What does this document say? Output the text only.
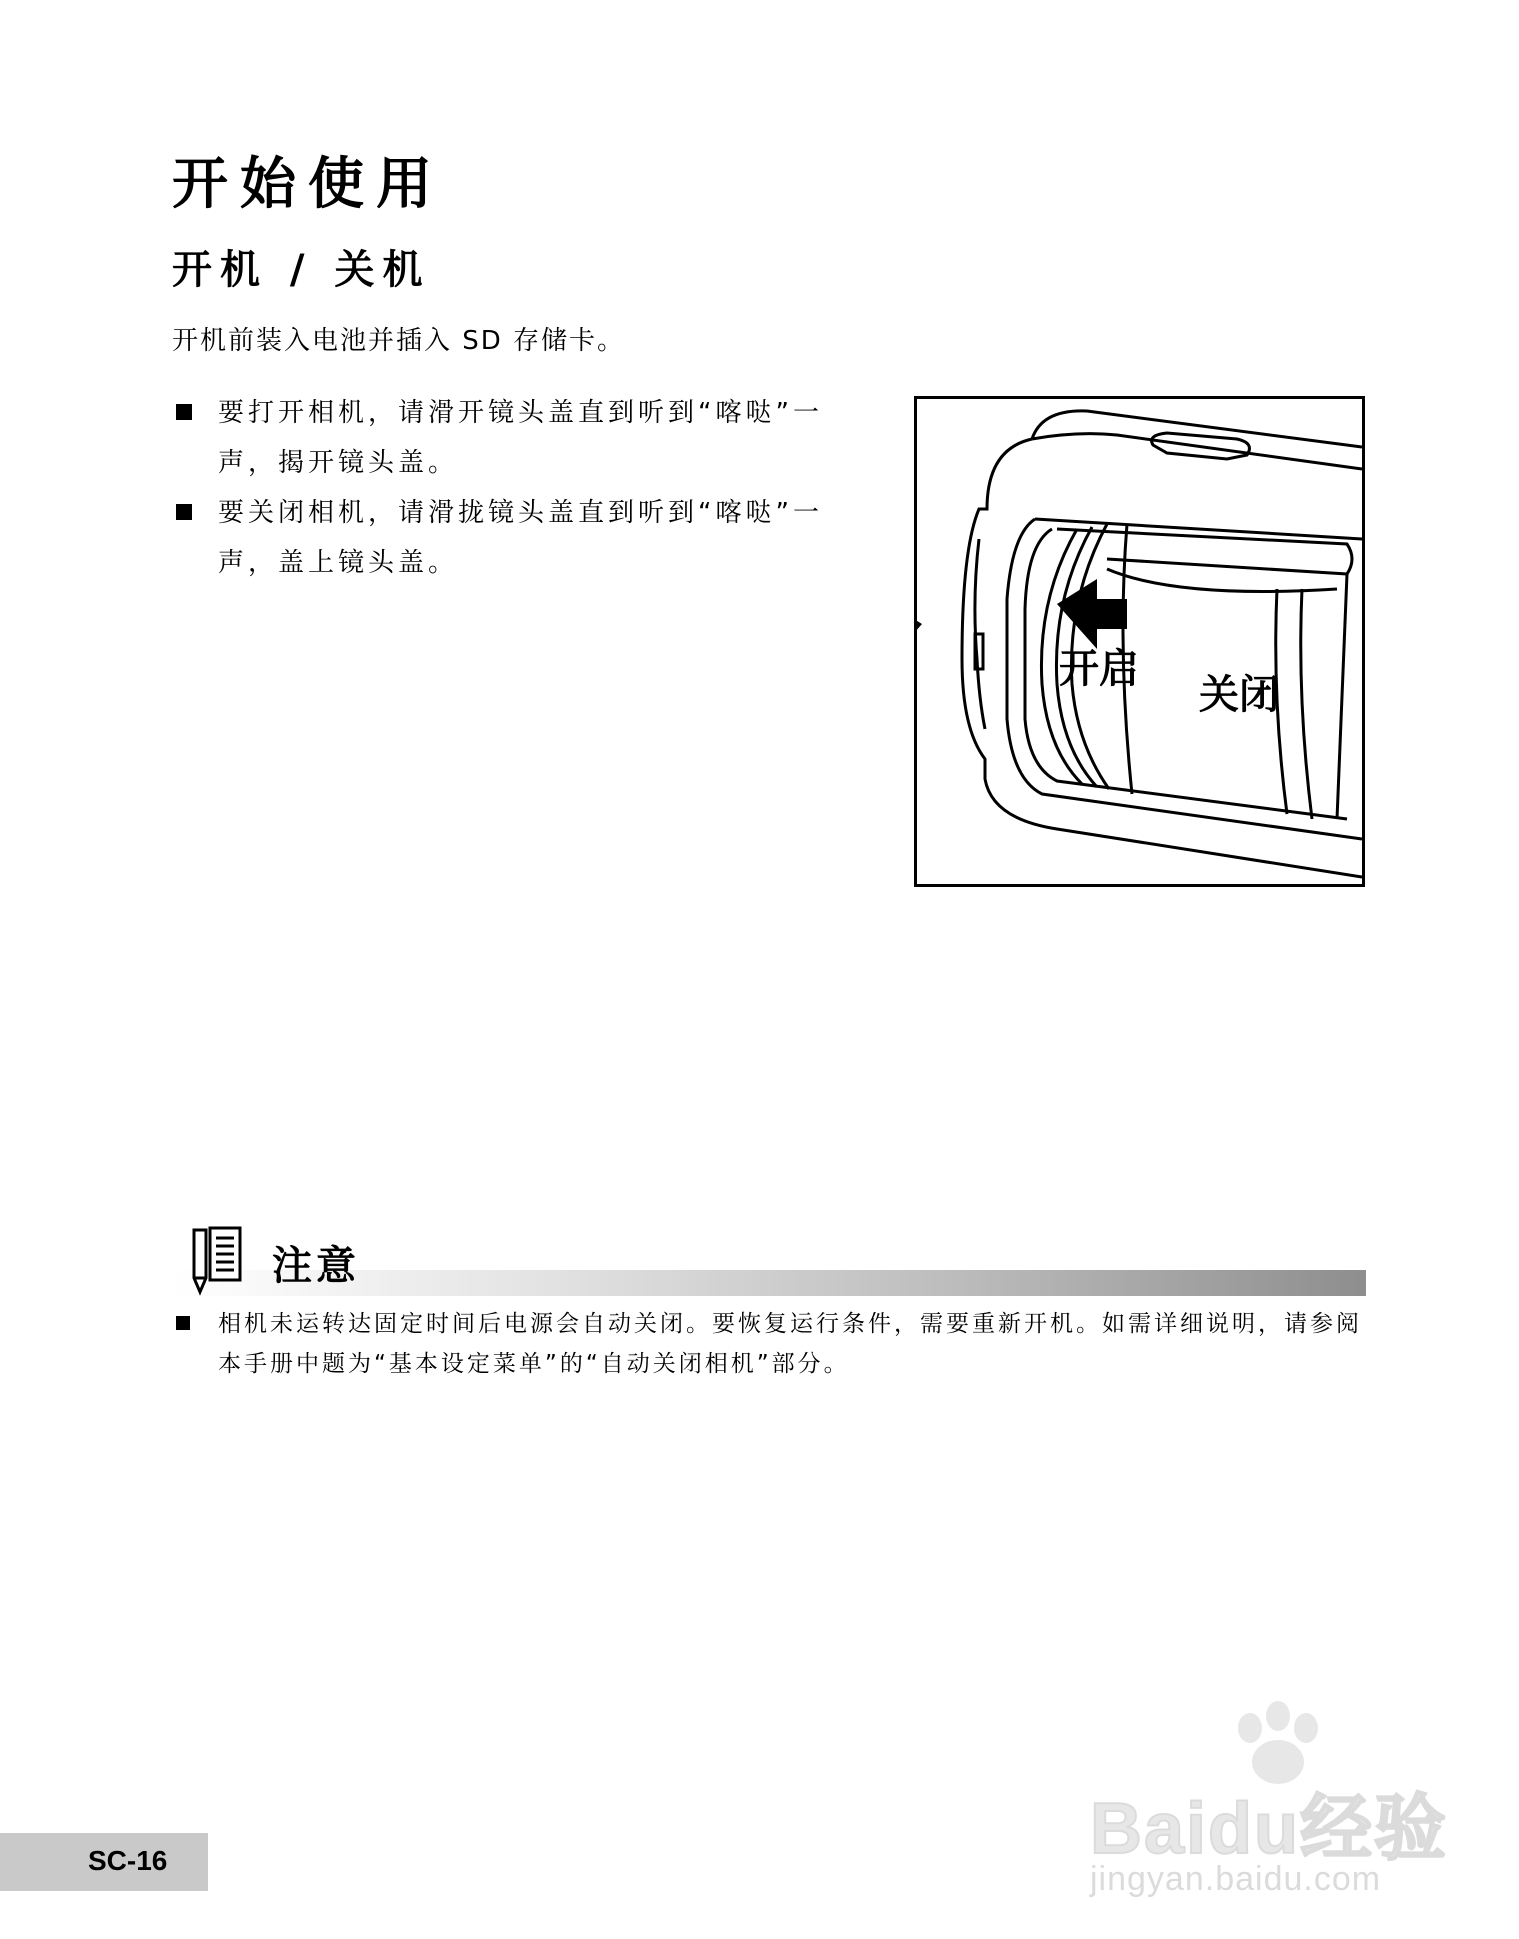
开始使用
开机 / 关机

开机前装入电池并插入 SD 存储卡。

要打开相机，请滑开镜头盖直到听到“喀哒”一声，揭开镜头盖。
要关闭相机，请滑拢镜头盖直到听到“喀哒”一声，盖上镜头盖。
开启
关闭
注意
相机未运转达固定时间后电源会自动关闭。要恢复运行条件，需要重新开机。如需详细说明，请参阅本手册中题为“基本设定菜单”的“自动关闭相机”部分。
Baidu经验
jingyan.baidu.com
SC-16
